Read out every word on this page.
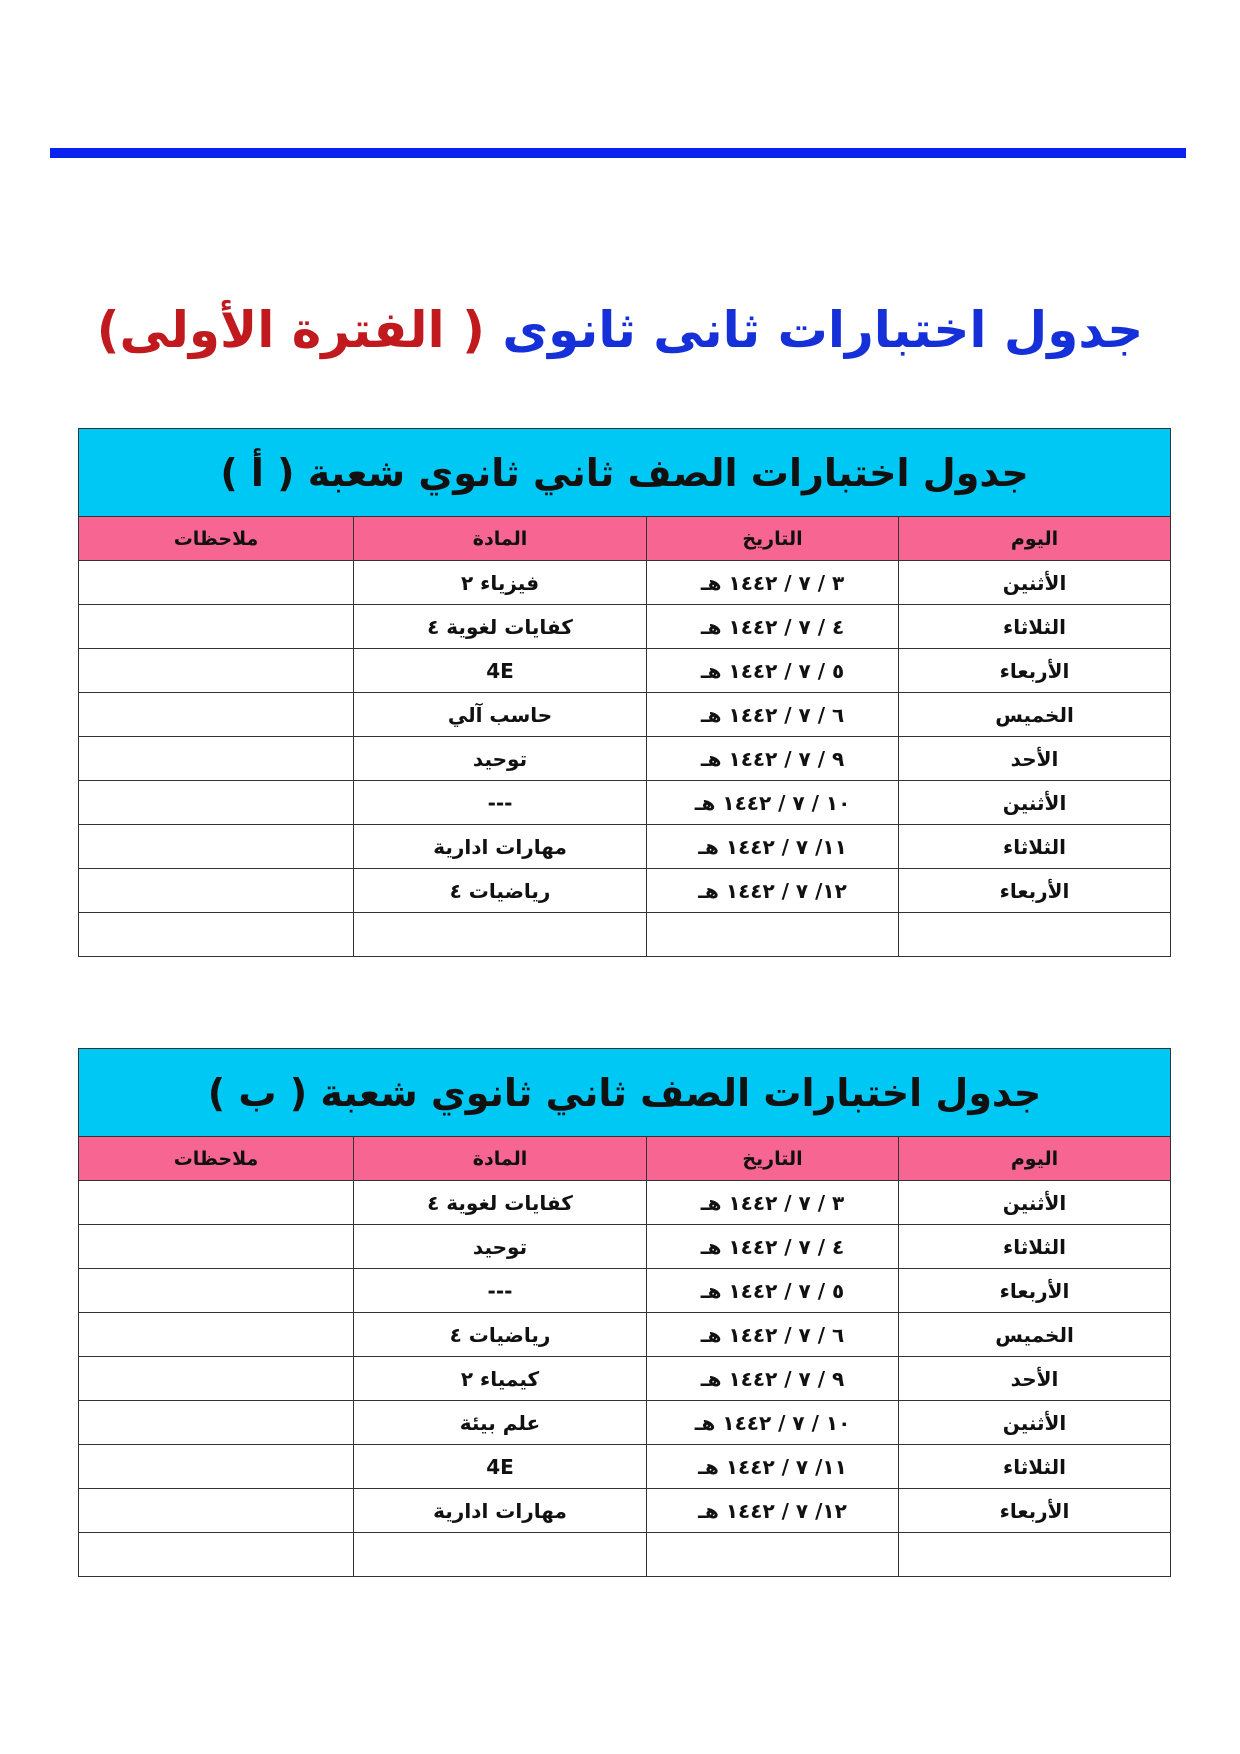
جدول اختبارات ثانى ثانوى ( الفترة الأولى)
جدول اختبارات الصف ثاني ثانوي شعبة ( أ )			
اليوم	التاريخ	المادة	ملاحظات
الأثنين	٣ / ٧ / ١٤٤٢ هـ	فيزياء ٢	
الثلاثاء	٤ / ٧ / ١٤٤٢ هـ	كفايات لغوية ٤	
الأربعاء	٥ / ٧ / ١٤٤٢ هـ	4E	
الخميس	٦ / ٧ / ١٤٤٢ هـ	حاسب آلي	
الأحد	٩ / ٧ / ١٤٤٢ هـ	توحيد	
الأثنين	١٠ / ٧ / ١٤٤٢ هـ	---	
الثلاثاء	١١/ ٧ / ١٤٤٢ هـ	مهارات ادارية	
الأربعاء	١٢/ ٧ / ١٤٤٢ هـ	رياضيات ٤	

جدول اختبارات الصف ثاني ثانوي شعبة ( ب )			
اليوم	التاريخ	المادة	ملاحظات
الأثنين	٣ / ٧ / ١٤٤٢ هـ	كفايات لغوية ٤	
الثلاثاء	٤ / ٧ / ١٤٤٢ هـ	توحيد	
الأربعاء	٥ / ٧ / ١٤٤٢ هـ	---	
الخميس	٦ / ٧ / ١٤٤٢ هـ	رياضيات ٤	
الأحد	٩ / ٧ / ١٤٤٢ هـ	كيمياء ٢	
الأثنين	١٠ / ٧ / ١٤٤٢ هـ	علم بيئة	
الثلاثاء	١١/ ٧ / ١٤٤٢ هـ	4E	
الأربعاء	١٢/ ٧ / ١٤٤٢ هـ	مهارات ادارية	
